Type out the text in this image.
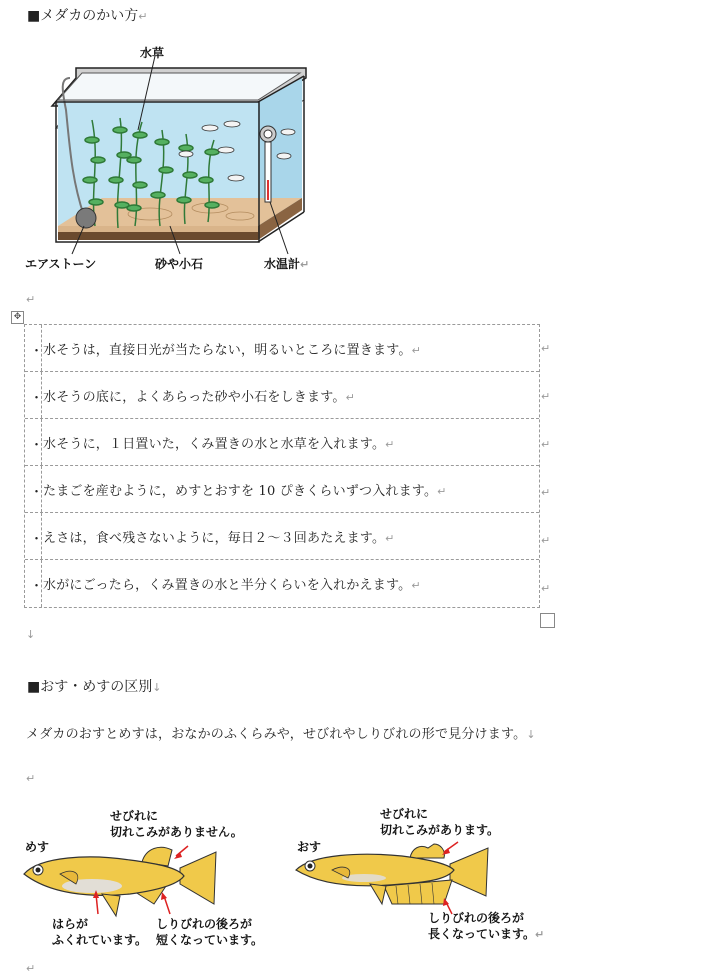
■メダカのかい方↵
水草
エアストーン	砂や小石	水温計↵
↵
✥
・ 水そうは，直接日光が当たらない，明るいところに置きます。↵
・ 水そうの底に，よくあらった砂や小石をしきます。↵
・ 水そうに，１日置いた，くみ置きの水と水草を入れます。↵
・ たまごを産むように，めすとおすを 10 ぴきくらいずつ入れます。↵
・ えさは，食べ残さないように，毎日２～３回あたえます。↵
・ 水がにごったら，くみ置きの水と半分くらいを入れかえます。↵
↵
↵
↵
↵
↵
↵
↓
■おす・めすの区別↓
メダカのおすとめすは，おなかのふくらみや，せびれやしりびれの形で見分けます。↓
↵
せびれに
切れこみがありません。
めす
はらが
ふくれています。
しりびれの後ろが
短くなっています。
せびれに
切れこみがあります。
おす
しりびれの後ろが
長くなっています。↵
↵
